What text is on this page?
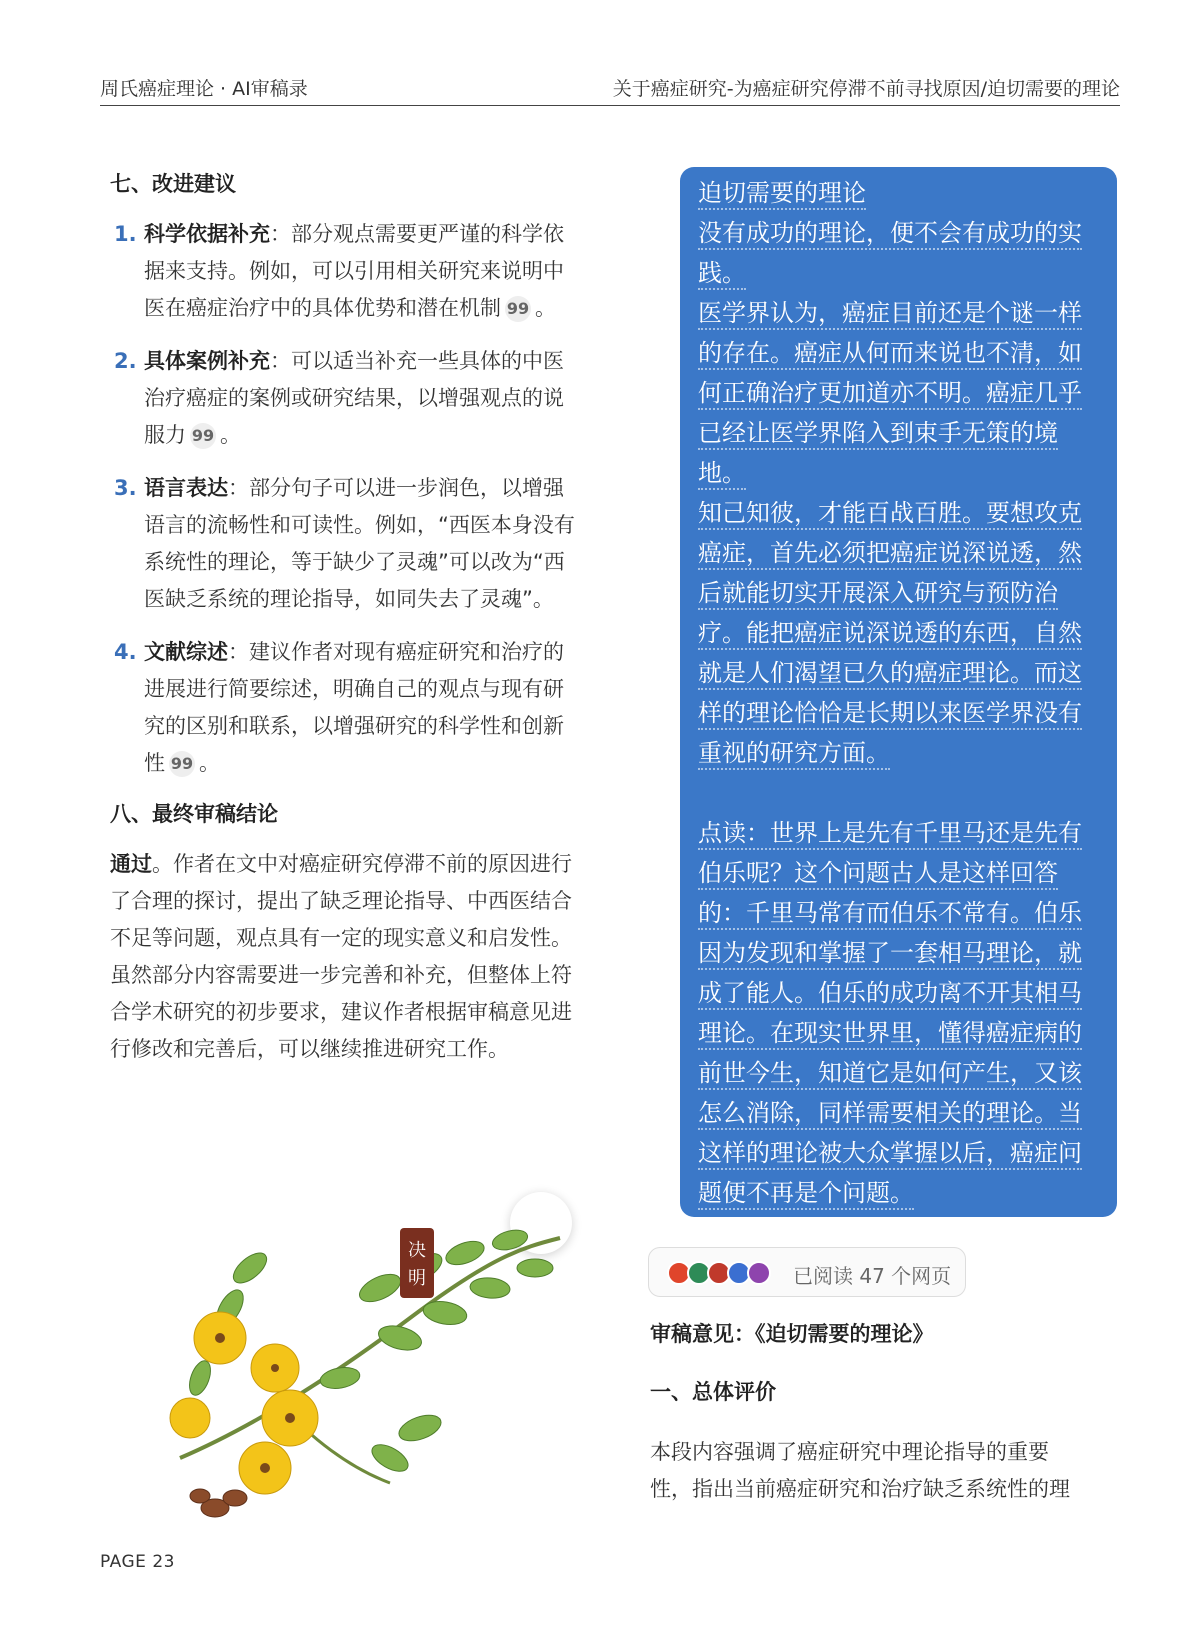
周氏癌症理论 · AI审稿录	关于癌症研究-为癌症研究停滞不前寻找原因/迫切需要的理论
七、改进建议
1. 科学依据补充：部分观点需要更严谨的科学依据来支持。例如，可以引用相关研究来说明中医在癌症治疗中的具体优势和潜在机制 99 。
2. 具体案例补充：可以适当补充一些具体的中医治疗癌症的案例或研究结果，以增强观点的说服力 99 。
3. 语言表达：部分句子可以进一步润色，以增强语言的流畅性和可读性。例如，“西医本身没有系统性的理论，等于缺少了灵魂”可以改为“西医缺乏系统的理论指导，如同失去了灵魂”。
4. 文献综述：建议作者对现有癌症研究和治疗的进展进行简要综述，明确自己的观点与现有研究的区别和联系，以增强研究的科学性和创新性 99 。
八、最终审稿结论

通过。作者在文中对癌症研究停滞不前的原因进行了合理的探讨，提出了缺乏理论指导、中西医结合不足等问题，观点具有一定的现实意义和启发性。虽然部分内容需要进一步完善和补充，但整体上符合学术研究的初步要求，建议作者根据审稿意见进行修改和完善后，可以继续推进研究工作。

迫切需要的理论

没有成功的理论，便不会有成功的实

践。

医学界认为，癌症目前还是个谜一样

的存在。癌症从何而来说也不清，如

何正确治疗更加道亦不明。癌症几乎

已经让医学界陷入到束手无策的境

地。

知己知彼，才能百战百胜。要想攻克

癌症，首先必须把癌症说深说透，然

后就能切实开展深入研究与预防治

疗。能把癌症说深说透的东西，自然

就是人们渴望已久的癌症理论。而这

样的理论恰恰是长期以来医学界没有

重视的研究方面。

点读：世界上是先有千里马还是先有

伯乐呢？这个问题古人是这样回答

的：千里马常有而伯乐不常有。伯乐

因为发现和掌握了一套相马理论，就

成了能人。伯乐的成功离不开其相马

理论。在现实世界里，懂得癌症病的

前世今生，知道它是如何产生，又该

怎么消除，同样需要相关的理论。当

这样的理论被大众掌握以后，癌症问

题便不再是个问题。

已阅读 47 个网页
审稿意见：《迫切需要的理论》
一、总体评价

本段内容强调了癌症研究中理论指导的重要

性，指出当前癌症研究和治疗缺乏系统性的理

决
明
PAGE 23
